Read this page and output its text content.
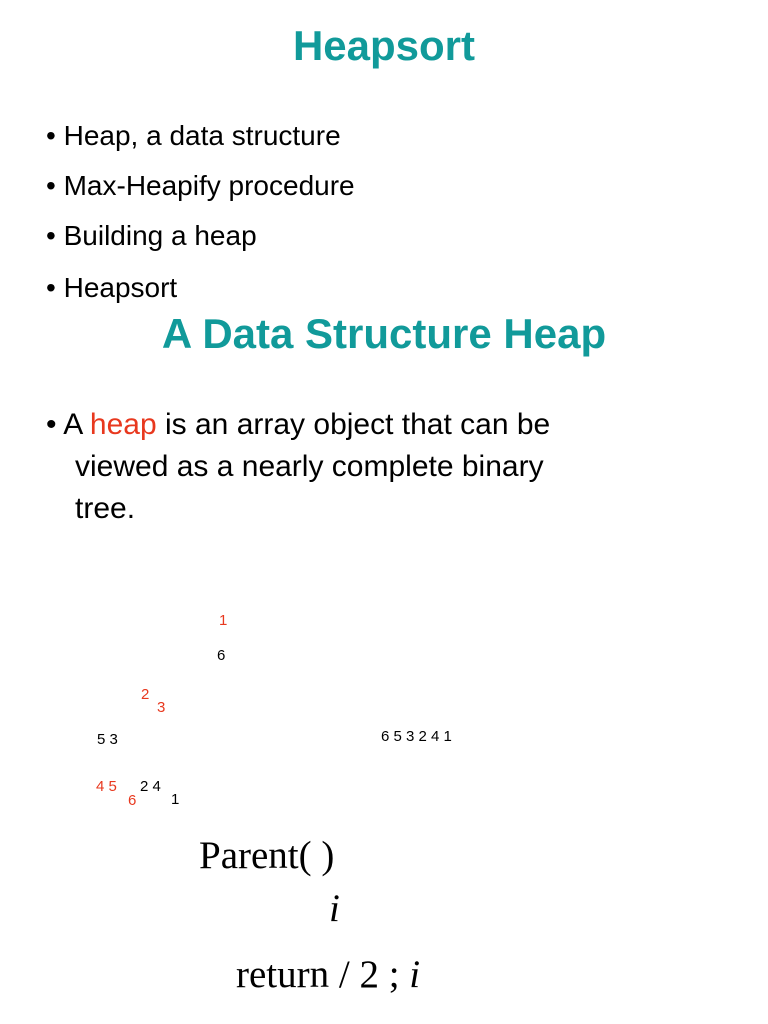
Heapsort
• Heap, a data structure
• Max-Heapify procedure
• Building a heap
• Heapsort
A Data Structure Heap
• A heap is an array object that can be
viewed as a nearly complete binary
tree.
1
6
2
3
5 3	6 5 3 2 4 1
4 5
6
2 4
1
Parent( )
i
return / 2 ; i
